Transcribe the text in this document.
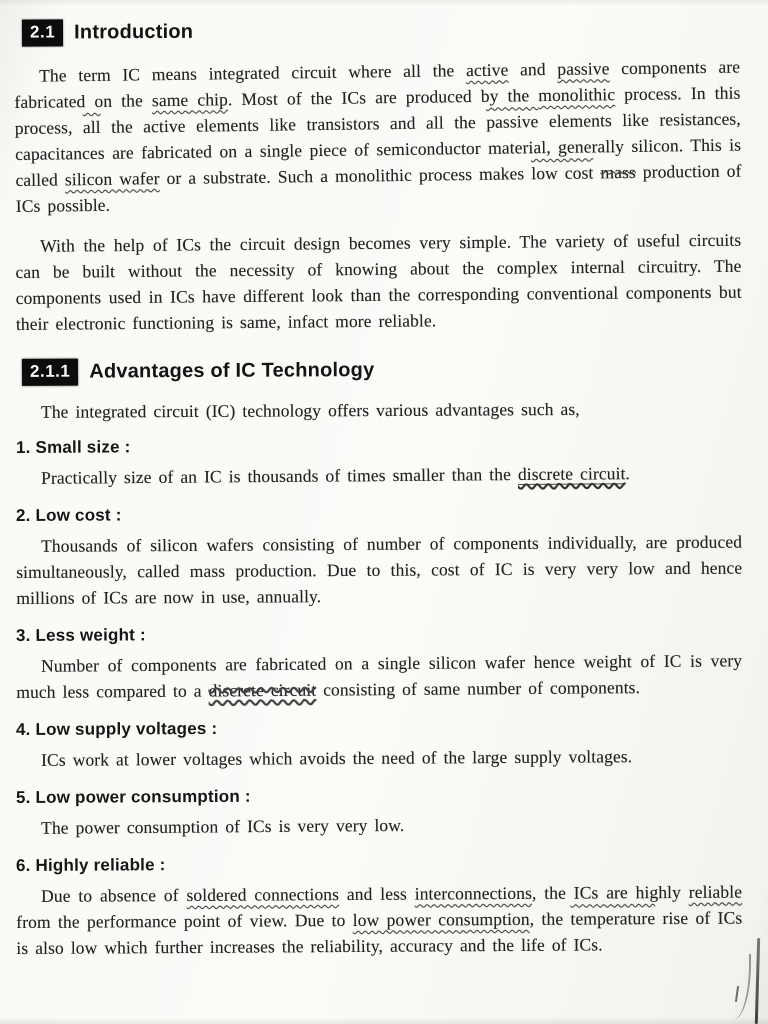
2.1 Introduction

The term IC means integrated circuit where all the active and passive components are fabricated on the same chip. Most of the ICs are produced by the monolithic process. In this process, all the active elements like transistors and all the passive elements like resistances, capacitances are fabricated on a single piece of semiconductor material, generally silicon. This is called silicon wafer or a substrate. Such a monolithic process makes low cost mass production of ICs possible.

With the help of ICs the circuit design becomes very simple. The variety of useful circuits can be built without the necessity of knowing about the complex internal circuitry. The components used in ICs have different look than the corresponding conventional components but their electronic functioning is same, infact more reliable.

2.1.1 Advantages of IC Technology

The integrated circuit (IC) technology offers various advantages such as,

1. Small size :

Practically size of an IC is thousands of times smaller than the discrete circuit.

2. Low cost :

Thousands of silicon wafers consisting of number of components individually, are produced simultaneously, called mass production. Due to this, cost of IC is very very low and hence millions of ICs are now in use, annually.

3. Less weight :

Number of components are fabricated on a single silicon wafer hence weight of IC is very much less compared to a discrete circuit consisting of same number of components.

4. Low supply voltages :

ICs work at lower voltages which avoids the need of the large supply voltages.

5. Low power consumption :

The power consumption of ICs is very very low.

6. Highly reliable :

Due to absence of soldered connections and less interconnections, the ICs are highly reliable from the performance point of view. Due to low power consumption, the temperature rise of ICs is also low which further increases the reliability, accuracy and the life of ICs.
